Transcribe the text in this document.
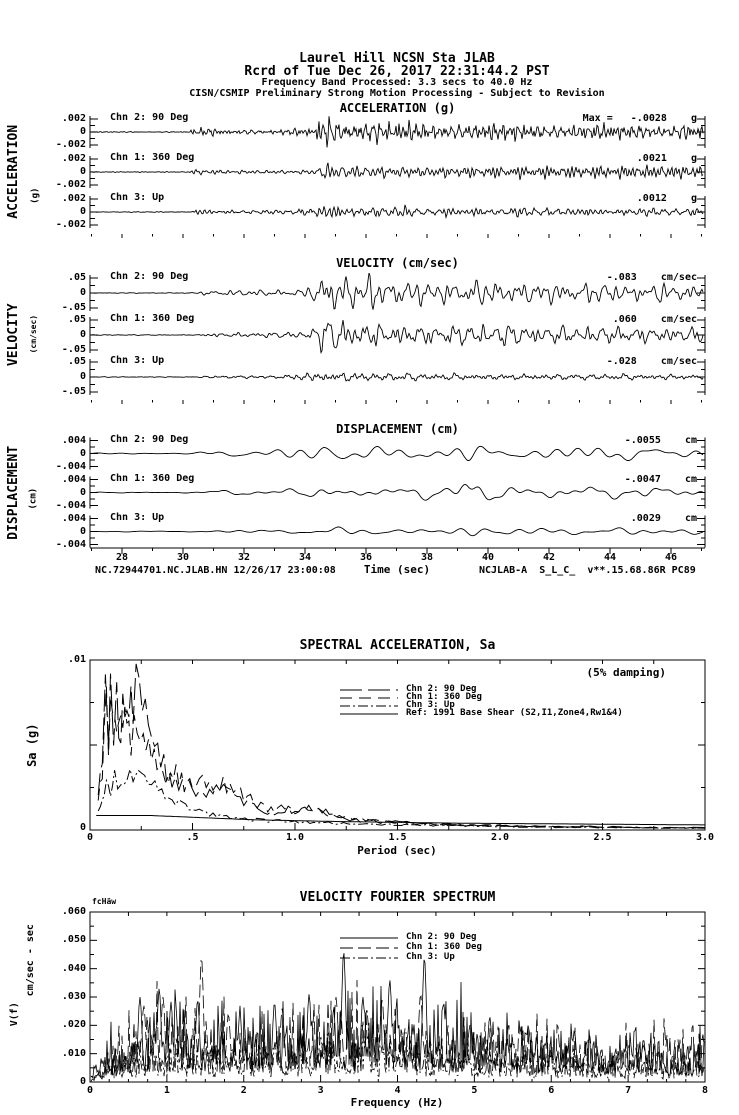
Laurel Hill NCSN Sta JLAB
Rcrd of Tue Dec 26, 2017 22:31:44.2 PST
Frequency Band Processed: 3.3 secs to 40.0 Hz
CISN/CSMIP Preliminary Strong Motion Processing - Subject to Revision
ACCELERATION (g)
VELOCITY (cm/sec)
DISPLACEMENT (cm)
NC.72944701.NC.JLAB.HN 12/26/17 23:00:08	NCJLAB-A  S_L_C_  v**.15.68.86R PC89
SPECTRAL ACCELERATION, Sa
VELOCITY FOURIER SPECTRUM
ACCELERATION (g)
.002
0
-.002
Chn 2: 90 Deg	Max =   -.0028    g
.002
0
-.002
Chn 1: 360 Deg	.0021    g
.002
0
-.002
Chn 3: Up	.0012    g
VELOCITY (cm/sec)
.05
0
-.05
Chn 2: 90 Deg	-.083    cm/sec
.05
0
-.05
Chn 1: 360 Deg	.060    cm/sec
.05
0
-.05
Chn 3: Up	-.028    cm/sec
DISPLACEMENT (cm)
.004
0
-.004
Chn 2: 90 Deg	-.0055    cm
.004
0
-.004
Chn 1: 360 Deg	-.0047    cm
.004
0
-.004
Chn 3: Up	.0029    cm
28	30	32	34	36	38	40	42	44	46
Time (sec)
.01
0
0	.5	1.0	1.5	2.0	2.5	3.0
Period (sec)
Sa (g)
(5% damping)
Chn 2: 90 Deg
Chn 1: 360 Deg
Chn 3: Up
Ref: 1991 Base Shear (S2,I1,Zone4,Rw1&4)
.060
.050
.040
.030
.020
.010
0
0	1	2	3	4	5	6	7	8
Frequency (Hz)
V(f)
cm/sec - sec
fcHäw
Chn 2: 90 Deg
Chn 1: 360 Deg
Chn 3: Up
